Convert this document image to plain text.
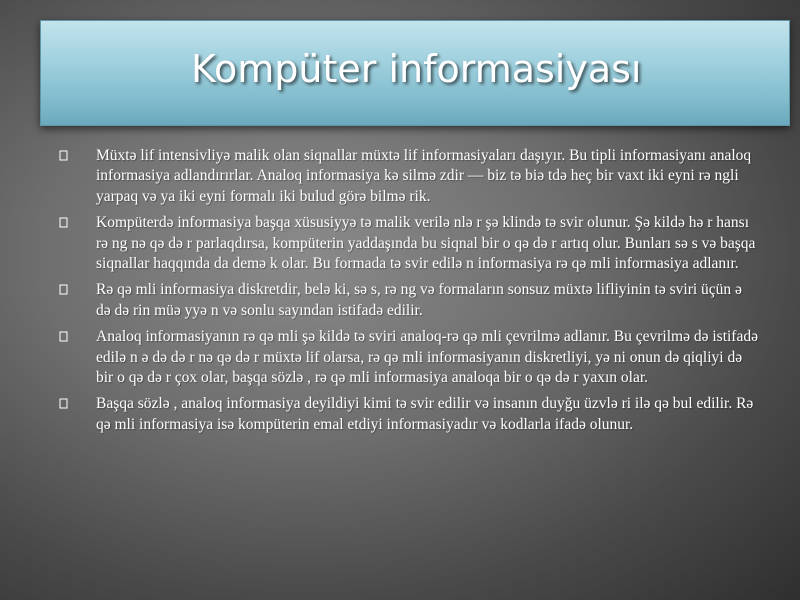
Kompüter informasiyası
Müxtə lif intensivliyə malik olan siqnallar müxtə lif informasiyaları daşıyır. Bu tipli informasiyanı analoq informasiya adlandırırlar. Analoq informasiya kə silmə zdir — biz tə biə tdə heç bir vaxt iki eyni rə ngli yarpaq və ya iki eyni formalı iki bulud görə bilmə rik.
Kompüterdə informasiya başqa xüsusiyyə tə malik verilə nlə r şə klində tə svir olunur. Şə kildə hə r hansı rə ng nə qə də r parlaqdırsa, kompüterin yaddaşında bu siqnal bir o qə də r artıq olur. Bunları sə s və başqa siqnallar haqqında da demə k olar. Bu formada tə svir edilə n informasiya rə qə mli informasiya adlanır.
Rə qə mli informasiya diskretdir, belə ki, sə s, rə ng və formaların sonsuz müxtə lifliyinin tə sviri üçün ə də də rin müə yyə n və sonlu sayından istifadə edilir.
Analoq informasiyanın rə qə mli şə kildə tə sviri analoq-rə qə mli çevrilmə adlanır. Bu çevrilmə də istifadə edilə n ə də də r nə qə də r müxtə lif olarsa, rə qə mli informasiyanın diskretliyi, yə ni onun də qiqliyi də bir o qə də r çox olar, başqa sözlə , rə qə mli informasiya analoqa bir o qə də r yaxın olar.
Başqa sözlə , analoq informasiya deyildiyi kimi tə svir edilir və insanın duyğu üzvlə ri ilə qə bul edilir. Rə qə mli informasiya isə kompüterin emal etdiyi informasiyadır və kodlarla ifadə olunur.
